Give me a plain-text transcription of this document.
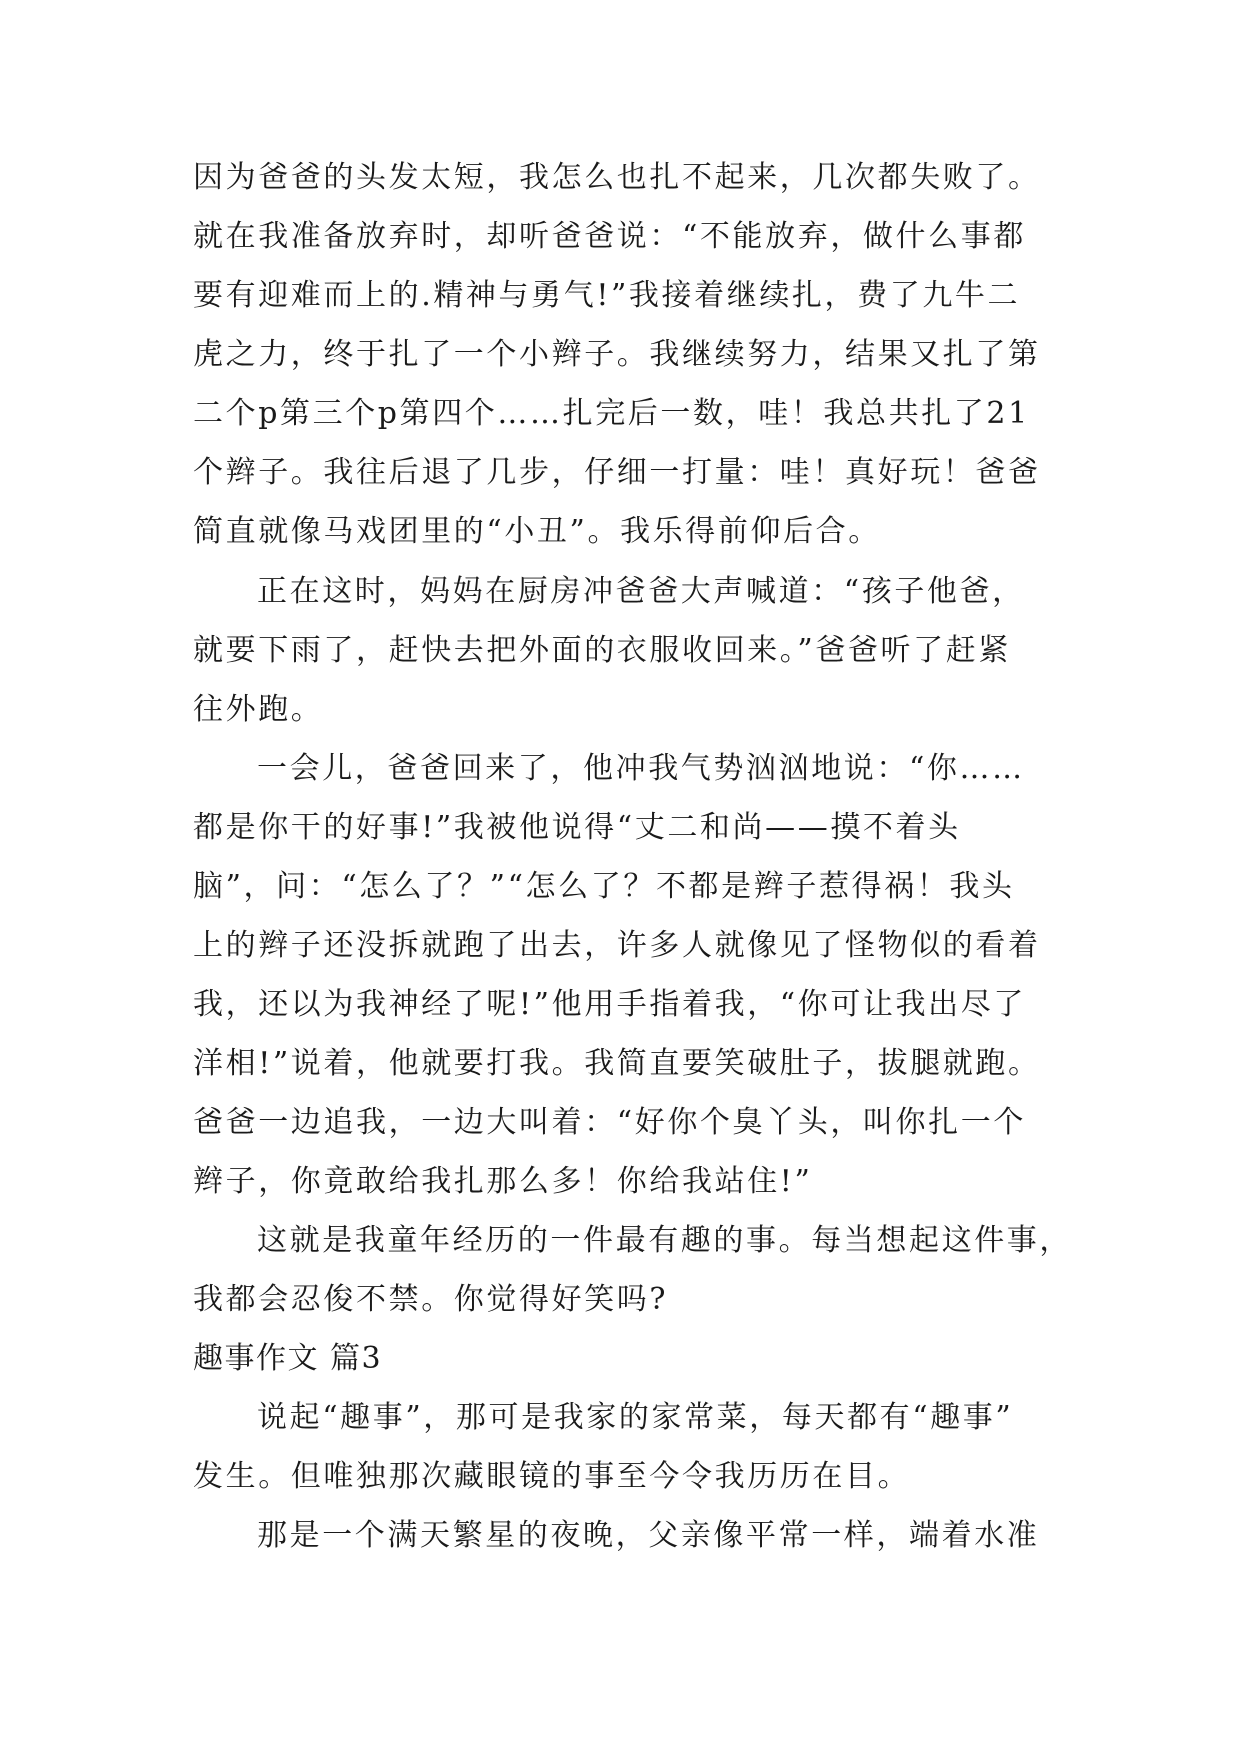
因为爸爸的头发太短，我怎么也扎不起来，几次都失败了。
就在我准备放弃时，却听爸爸说：“不能放弃，做什么事都
要有迎难而上的.精神与勇气!”我接着继续扎，费了九牛二
虎之力，终于扎了一个小辫子。我继续努力，结果又扎了第
二个p第三个p第四个……扎完后一数，哇！我总共扎了21
个辫子。我往后退了几步，仔细一打量：哇！真好玩！爸爸
简直就像马戏团里的“小丑”。我乐得前仰后合。
正在这时，妈妈在厨房冲爸爸大声喊道：“孩子他爸，
就要下雨了，赶快去把外面的衣服收回来。”爸爸听了赶紧
往外跑。
一会儿，爸爸回来了，他冲我气势汹汹地说：“你……
都是你干的好事!”我被他说得“丈二和尚——摸不着头
脑”，问：“怎么了？”“怎么了？不都是辫子惹得祸！我头
上的辫子还没拆就跑了出去，许多人就像见了怪物似的看着
我，还以为我神经了呢!”他用手指着我，“你可让我出尽了
洋相!”说着，他就要打我。我简直要笑破肚子，拔腿就跑。
爸爸一边追我，一边大叫着：“好你个臭丫头，叫你扎一个
辫子，你竟敢给我扎那么多！你给我站住!”
这就是我童年经历的一件最有趣的事。每当想起这件事，
我都会忍俊不禁。你觉得好笑吗?
趣事作文 篇3
说起“趣事”，那可是我家的家常菜，每天都有“趣事”
发生。但唯独那次藏眼镜的事至今令我历历在目。
那是一个满天繁星的夜晚，父亲像平常一样，端着水准
